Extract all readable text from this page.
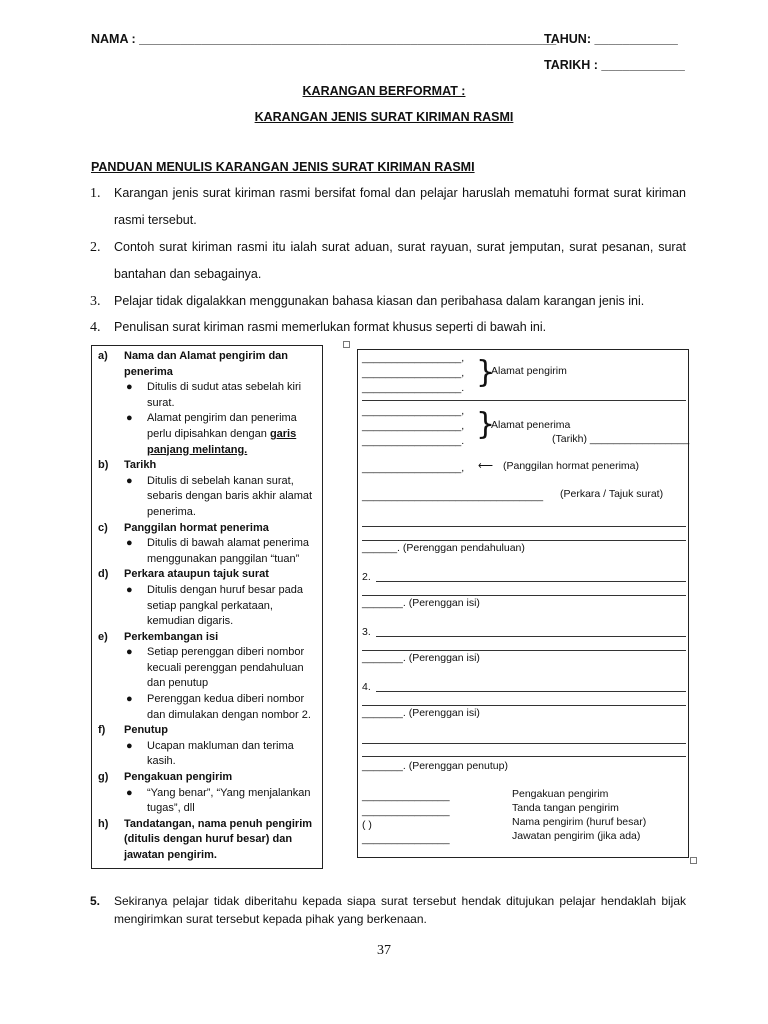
NAMA : ____________________________________________________________
TAHUN: ____________
TARIKH : ____________
KARANGAN BERFORMAT :
KARANGAN JENIS SURAT KIRIMAN RASMI
PANDUAN MENULIS KARANGAN JENIS SURAT KIRIMAN RASMI
1. Karangan jenis surat kiriman rasmi bersifat fomal dan pelajar haruslah mematuhi format surat kiriman rasmi tersebut.
2. Contoh surat kiriman rasmi itu ialah surat aduan, surat rayuan, surat jemputan, surat pesanan, surat bantahan dan sebagainya.
3. Pelajar tidak digalakkan menggunakan bahasa kiasan dan peribahasa dalam karangan jenis ini.
4. Penulisan surat kiriman rasmi memerlukan format khusus seperti di bawah ini.
a) Nama dan Alamat pengirim dan penerima
● Ditulis di sudut atas sebelah kiri surat.
● Alamat pengirim dan penerima perlu dipisahkan dengan garis panjang melintang.
b) Tarikh
● Ditulis di sebelah kanan surat, sebaris dengan baris akhir alamat penerima.
c) Panggilan hormat penerima
● Ditulis di bawah alamat penerima menggunakan panggilan “tuan”
d) Perkara ataupun tajuk surat
● Ditulis dengan huruf besar pada setiap pangkal perkataan, kemudian digaris.
e) Perkembangan isi
● Setiap perenggan diberi nombor kecuali perenggan pendahuluan dan penutup
● Perenggan kedua diberi nombor dan dimulakan dengan nombor 2.
f) Penutup
● Ucapan makluman dan terima kasih.
g) Pengakuan pengirim
● “Yang benar”, “Yang menjalankan tugas”, dll
h) Tandatangan, nama penuh pengirim (ditulis dengan huruf besar) dan jawatan pengirim.
_________________,
_________________,
_________________. }
Alamat pengirim
_________________,
_________________,
_________________. }
Alamat penerima
(Tarikh) _________________
_________________, ⟵ (Panggilan hormat penerima)
_______________________________ (Perkara / Tajuk surat)
______. (Perenggan pendahuluan)
2.
_______. (Perenggan isi)
3.
_______. (Perenggan isi)
4.
_______. (Perenggan isi)
_______. (Perenggan penutup)
_______________
_______________
( )
_______________
Pengakuan pengirim
Tanda tangan pengirim
Nama pengirim (huruf besar)
Jawatan pengirim (jika ada)
5. Sekiranya pelajar tidak diberitahu kepada siapa surat tersebut hendak ditujukan pelajar hendaklah bijak mengirimkan surat tersebut kepada pihak yang berkenaan.
37
